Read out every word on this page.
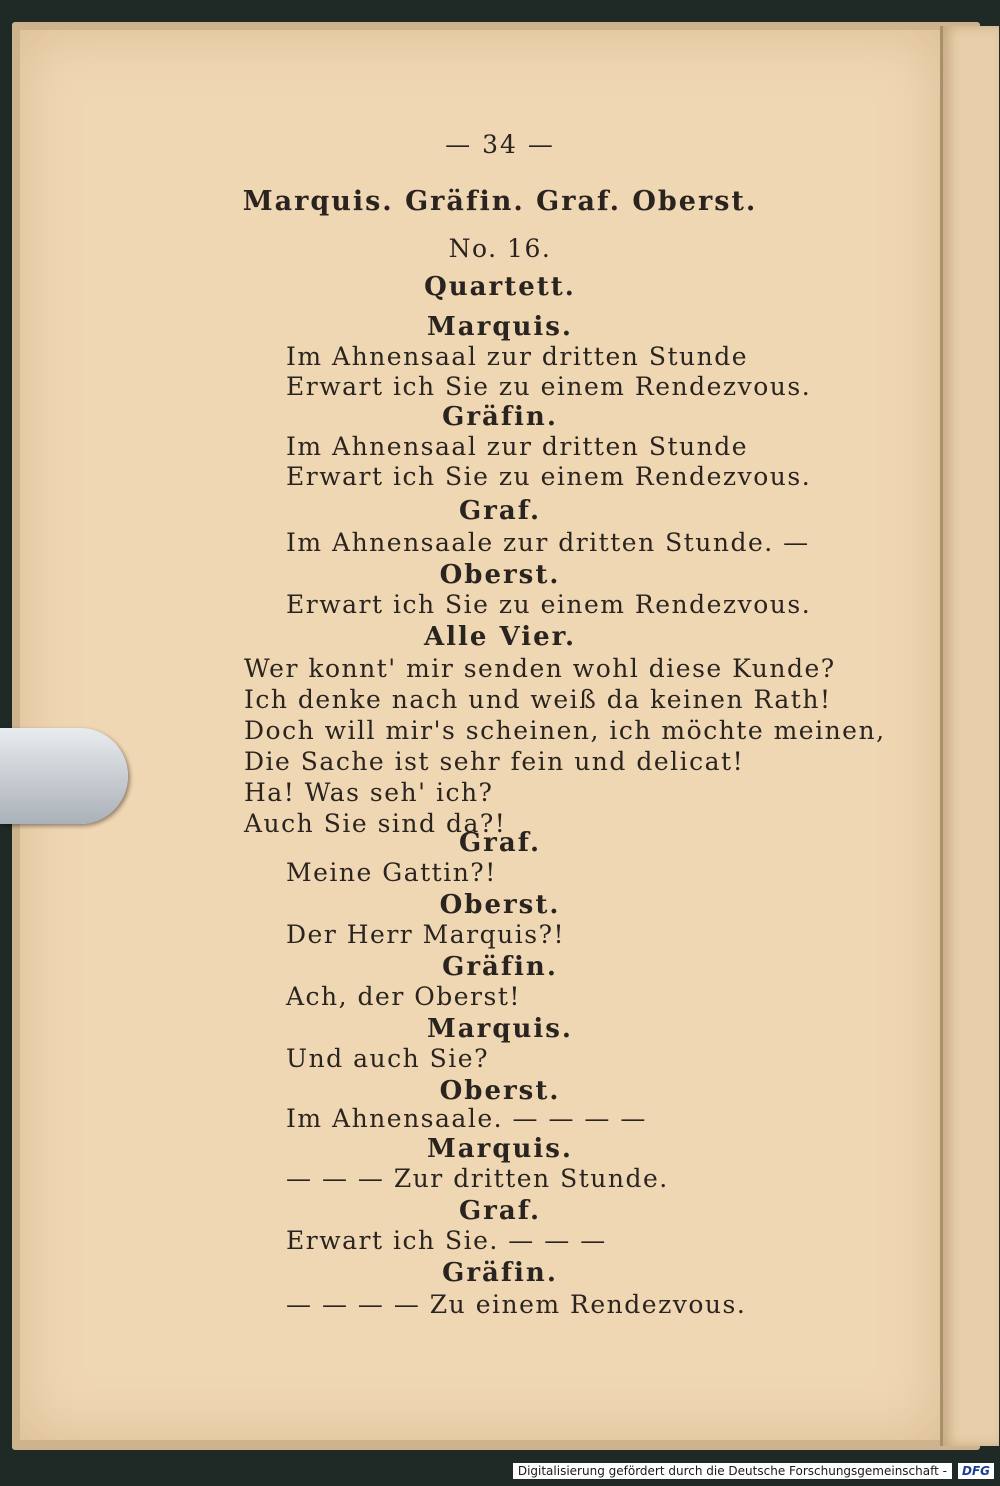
— 34 —

Marquis. Gräfin. Graf. Oberst.

No. 16.

Quartett.

Marquis.

Im Ahnensaal zur dritten Stunde

Erwart ich Sie zu einem Rendezvous.

Gräfin.

Im Ahnensaal zur dritten Stunde

Erwart ich Sie zu einem Rendezvous.

Graf.

Im Ahnensaale zur dritten Stunde. —

Oberst.

Erwart ich Sie zu einem Rendezvous.

Alle Vier.

Wer konnt' mir senden wohl diese Kunde?

Ich denke nach und weiß da keinen Rath!

Doch will mir's scheinen, ich möchte meinen,

Die Sache ist sehr fein und delicat!

Ha! Was seh' ich?

Auch Sie sind da?!

Graf.

Meine Gattin?!

Oberst.

Der Herr Marquis?!

Gräfin.

Ach, der Oberst!

Marquis.

Und auch Sie?

Oberst.

Im Ahnensaale. — — — —

Marquis.

— — — Zur dritten Stunde.

Graf.

Erwart ich Sie. — — —

Gräfin.

— — — — Zu einem Rendezvous.

Digitalisierung gefördert durch die Deutsche Forschungsgemeinschaft -	DFG
